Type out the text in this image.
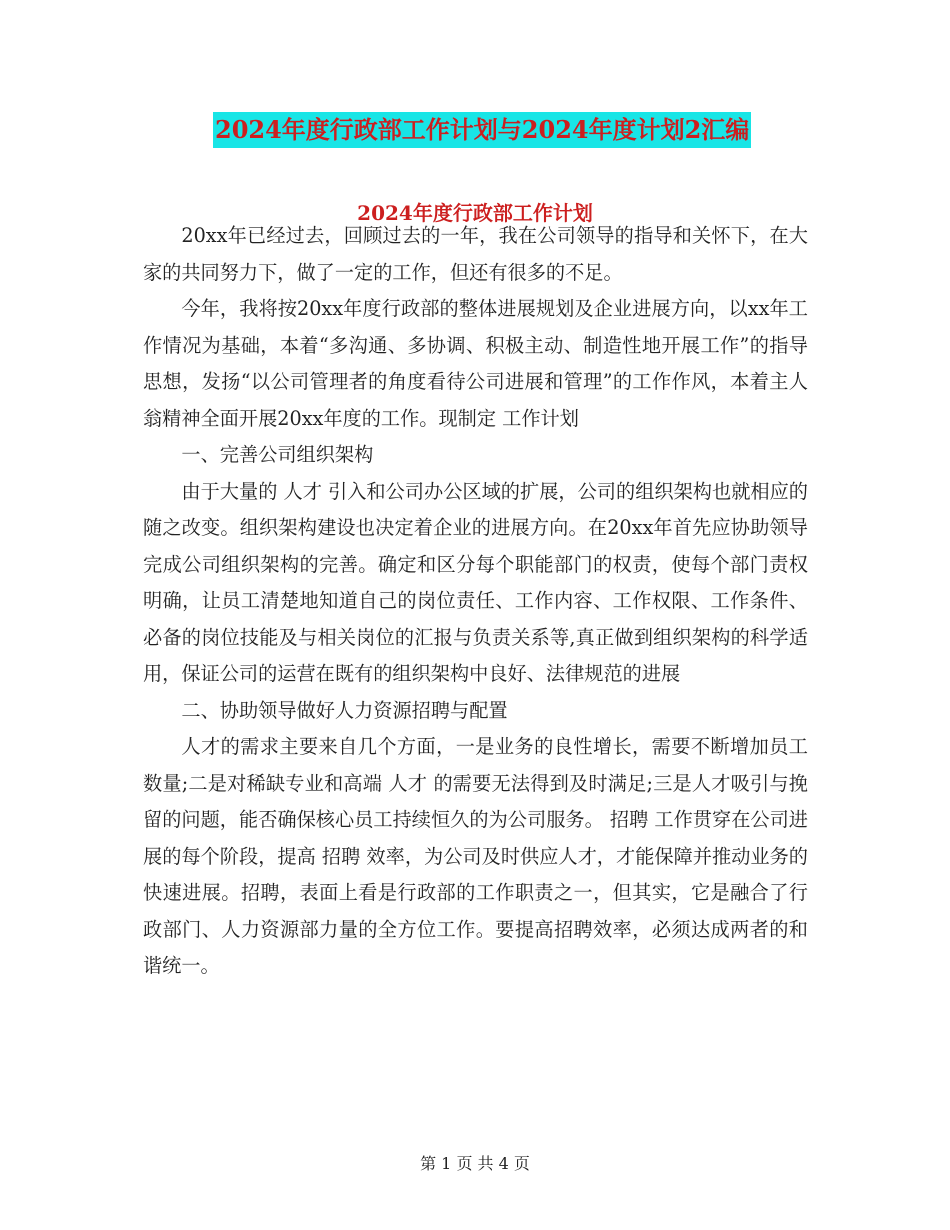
2024年度行政部工作计划与2024年度计划2汇编
2024年度行政部工作计划

20xx年已经过去，回顾过去的一年，我在公司领导的指导和关怀下，在大家的共同努力下，做了一定的工作，但还有很多的不足。

今年，我将按20xx年度行政部的整体进展规划及企业进展方向，以xx年工作情况为基础，本着“多沟通、多协调、积极主动、制造性地开展工作”的指导思想，发扬“以公司管理者的角度看待公司进展和管理”的工作作风，本着主人翁精神全面开展20xx年度的工作。现制定 工作计划

一、完善公司组织架构

由于大量的 人才 引入和公司办公区域的扩展，公司的组织架构也就相应的随之改变。组织架构建设也决定着企业的进展方向。在20xx年首先应协助领导完成公司组织架构的完善。确定和区分每个职能部门的权责，使每个部门责权明确，让员工清楚地知道自己的岗位责任、工作内容、工作权限、工作条件、必备的岗位技能及与相关岗位的汇报与负责关系等,真正做到组织架构的科学适用，保证公司的运营在既有的组织架构中良好、法律规范的进展

二、协助领导做好人力资源招聘与配置

人才的需求主要来自几个方面，一是业务的良性增长，需要不断增加员工数量;二是对稀缺专业和高端 人才 的需要无法得到及时满足;三是人才吸引与挽留的问题，能否确保核心员工持续恒久的为公司服务。 招聘 工作贯穿在公司进展的每个阶段，提高 招聘 效率，为公司及时供应人才，才能保障并推动业务的快速进展。招聘，表面上看是行政部的工作职责之一，但其实，它是融合了行政部门、人力资源部力量的全方位工作。要提高招聘效率，必须达成两者的和谐统一。

第 1 页 共 4 页
